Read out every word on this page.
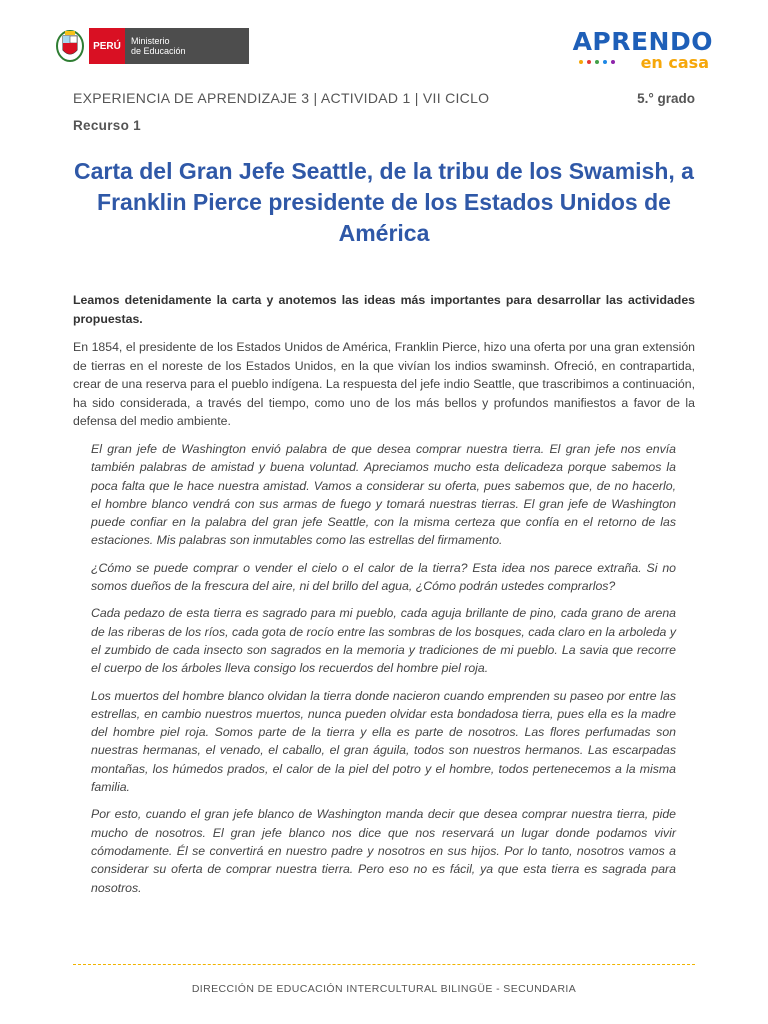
PERÚ	Ministerio
de Educación	APRENDO
en casa
EXPERIENCIA DE APRENDIZAJE 3 | ACTIVIDAD 1 | VII CICLO	5.° grado
Recurso 1
Carta del Gran Jefe Seattle, de la tribu de los Swamish, a Franklin Pierce presidente de los Estados Unidos de América
Leamos detenidamente la carta y anotemos las ideas más importantes para desarrollar las actividades propuestas.
En 1854, el presidente de los Estados Unidos de América, Franklin Pierce, hizo una oferta por una gran extensión de tierras en el noreste de los Estados Unidos, en la que vivían los indios swaminsh. Ofreció, en contrapartida, crear de una reserva para el pueblo indígena. La respuesta del jefe indio Seattle, que trascribimos a continuación, ha sido considerada, a través del tiempo, como uno de los más bellos y profundos manifiestos a favor de la defensa del medio ambiente.

El gran jefe de Washington envió palabra de que desea comprar nuestra tierra. El gran jefe nos envía también palabras de amistad y buena voluntad. Apreciamos mucho esta delicadeza porque sabemos la poca falta que le hace nuestra amistad. Vamos a considerar su oferta, pues sabemos que, de no hacerlo, el hombre blanco vendrá con sus armas de fuego y tomará nuestras tierras. El gran jefe de Washington puede confiar en la palabra del gran jefe Seattle, con la misma certeza que confía en el retorno de las estaciones. Mis palabras son inmutables como las estrellas del firmamento.

¿Cómo se puede comprar o vender el cielo o el calor de la tierra? Esta idea nos parece extraña. Si no somos dueños de la frescura del aire, ni del brillo del agua, ¿Cómo podrán ustedes comprarlos?

Cada pedazo de esta tierra es sagrado para mi pueblo, cada aguja brillante de pino, cada grano de arena de las riberas de los ríos, cada gota de rocío entre las sombras de los bosques, cada claro en la arboleda y el zumbido de cada insecto son sagrados en la memoria y tradiciones de mi pueblo. La savia que recorre el cuerpo de los árboles lleva consigo los recuerdos del hombre piel roja.

Los muertos del hombre blanco olvidan la tierra donde nacieron cuando emprenden su paseo por entre las estrellas, en cambio nuestros muertos, nunca pueden olvidar esta bondadosa tierra, pues ella es la madre del hombre piel roja. Somos parte de la tierra y ella es parte de nosotros. Las flores perfumadas son nuestras hermanas, el venado, el caballo, el gran águila, todos son nuestros hermanos. Las escarpadas montañas, los húmedos prados, el calor de la piel del potro y el hombre, todos pertenecemos a la misma familia.

Por esto, cuando el gran jefe blanco de Washington manda decir que desea comprar nuestra tierra, pide mucho de nosotros. El gran jefe blanco nos dice que nos reservará un lugar donde podamos vivir cómodamente. Él se convertirá en nuestro padre y nosotros en sus hijos. Por lo tanto, nosotros vamos a considerar su oferta de comprar nuestra tierra. Pero eso no es fácil, ya que esta tierra es sagrada para nosotros.

DIRECCIÓN DE EDUCACIÓN INTERCULTURAL BILINGÜE - SECUNDARIA
